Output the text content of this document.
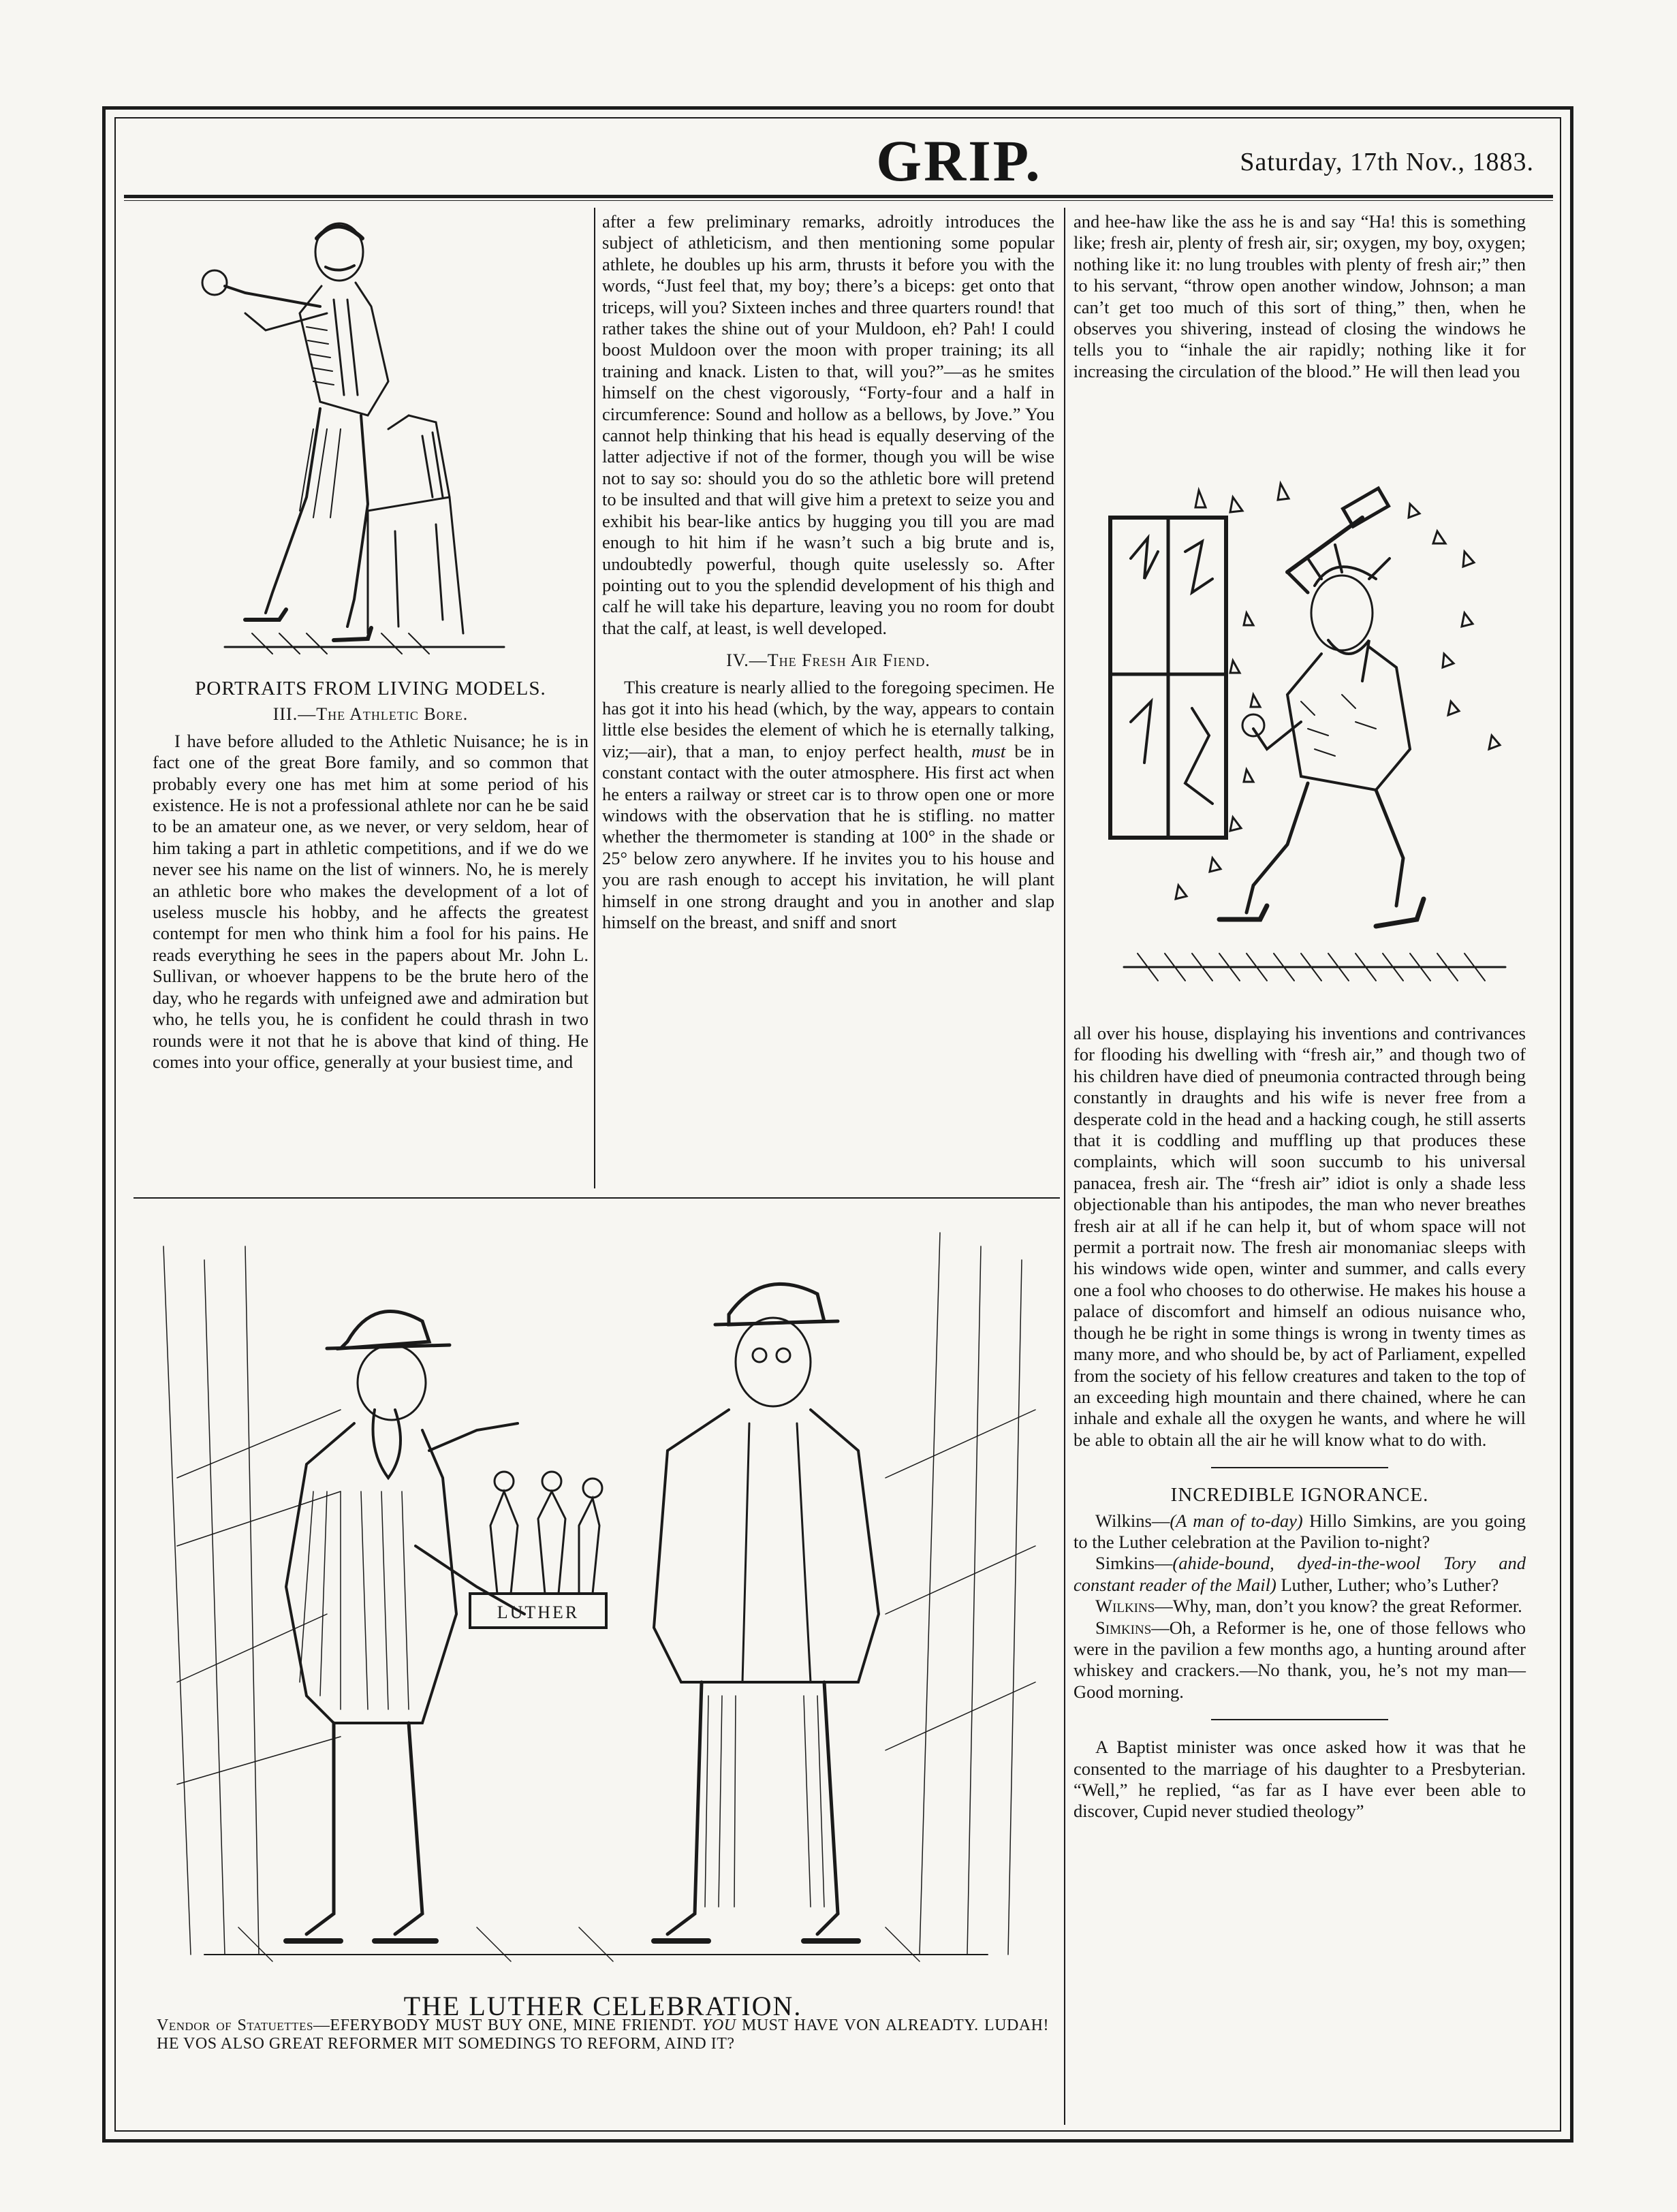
GRIP.	Saturday, 17th Nov., 1883.
PORTRAITS FROM LIVING MODELS.
III.—The Athletic Bore.

I have before alluded to the Athletic Nuisance; he is in fact one of the great Bore family, and so common that probably every one has met him at some period of his existence. He is not a professional athlete nor can he be said to be an amateur one, as we never, or very seldom, hear of him taking a part in athletic competitions, and if we do we never see his name on the list of winners. No, he is merely an athletic bore who makes the development of a lot of useless muscle his hobby, and he affects the greatest contempt for men who think him a fool for his pains. He reads everything he sees in the papers about Mr. John L. Sullivan, or whoever happens to be the brute hero of the day, who he regards with unfeigned awe and admiration but who, he tells you, he is confident he could thrash in two rounds were it not that he is above that kind of thing. He comes into your office, generally at your busiest time, and

after a few preliminary remarks, adroitly introduces the subject of athleticism, and then mentioning some popular athlete, he doubles up his arm, thrusts it before you with the words, “Just feel that, my boy; there’s a biceps: get onto that triceps, will you? Sixteen inches and three quarters round! that rather takes the shine out of your Muldoon, eh? Pah! I could boost Muldoon over the moon with proper training; its all training and knack. Listen to that, will you?”—as he smites himself on the chest vigorously, “Forty-four and a half in circumference: Sound and hollow as a bellows, by Jove.” You cannot help thinking that his head is equally deserving of the latter adjective if not of the former, though you will be wise not to say so: should you do so the athletic bore will pretend to be insulted and that will give him a pretext to seize you and exhibit his bear-like antics by hugging you till you are mad enough to hit him if he wasn’t such a big brute and is, undoubtedly powerful, though quite uselessly so. After pointing out to you the splendid development of his thigh and calf he will take his departure, leaving you no room for doubt that the calf, at least, is well developed.

IV.—The Fresh Air Fiend.

This creature is nearly allied to the foregoing specimen. He has got it into his head (which, by the way, appears to contain little else besides the element of which he is eternally talking, viz;—air), that a man, to enjoy perfect health, must be in constant contact with the outer atmosphere. His first act when he enters a railway or street car is to throw open one or more windows with the observation that he is stifling. no matter whether the thermometer is standing at 100° in the shade or 25° below zero anywhere. If he invites you to his house and you are rash enough to accept his invitation, he will plant himself in one strong draught and you in another and slap himself on the breast, and sniff and snort

and hee-haw like the ass he is and say “Ha! this is something like; fresh air, plenty of fresh air, sir; oxygen, my boy, oxygen; nothing like it: no lung troubles with plenty of fresh air;” then to his servant, “throw open another window, Johnson; a man can’t get too much of this sort of thing,” then, when he observes you shivering, instead of closing the windows he tells you to “inhale the air rapidly; nothing like it for increasing the circulation of the blood.” He will then lead you

all over his house, displaying his inventions and contrivances for flooding his dwelling with “fresh air,” and though two of his children have died of pneumonia contracted through being constantly in draughts and his wife is never free from a desperate cold in the head and a hacking cough, he still asserts that it is coddling and muffling up that produces these complaints, which will soon succumb to his universal panacea, fresh air. The “fresh air” idiot is only a shade less objectionable than his antipodes, the man who never breathes fresh air at all if he can help it, but of whom space will not permit a portrait now. The fresh air monomaniac sleeps with his windows wide open, winter and summer, and calls every one a fool who chooses to do otherwise. He makes his house a palace of discomfort and himself an odious nuisance who, though he be right in some things is wrong in twenty times as many more, and who should be, by act of Parliament, expelled from the society of his fellow creatures and taken to the top of an exceeding high mountain and there chained, where he can inhale and exhale all the oxygen he wants, and where he will be able to obtain all the air he will know what to do with.

INCREDIBLE IGNORANCE.

Wilkins—(A man of to-day) Hillo Simkins, are you going to the Luther celebration at the Pavilion to-night?

Simkins—(ahide-bound, dyed-in-the-wool Tory and constant reader of the Mail) Luther, Luther; who’s Luther?

Wilkins—Why, man, don’t you know? the great Reformer.

Simkins—Oh, a Reformer is he, one of those fellows who were in the pavilion a few months ago, a hunting around after whiskey and crackers.—No thank, you, he’s not my man—Good morning.

A Baptist minister was once asked how it was that he consented to the marriage of his daughter to a Presbyterian. “Well,” he replied, “as far as I have ever been able to discover, Cupid never studied theology”

LUTHER
THE LUTHER CELEBRATION.
Vendor of Statuettes—EFERYBODY MUST BUY ONE, MINE FRIENDT. YOU MUST HAVE VON ALREADTY. LUDAH! HE VOS ALSO GREAT REFORMER MIT SOMEDINGS TO REFORM, AIND IT?
